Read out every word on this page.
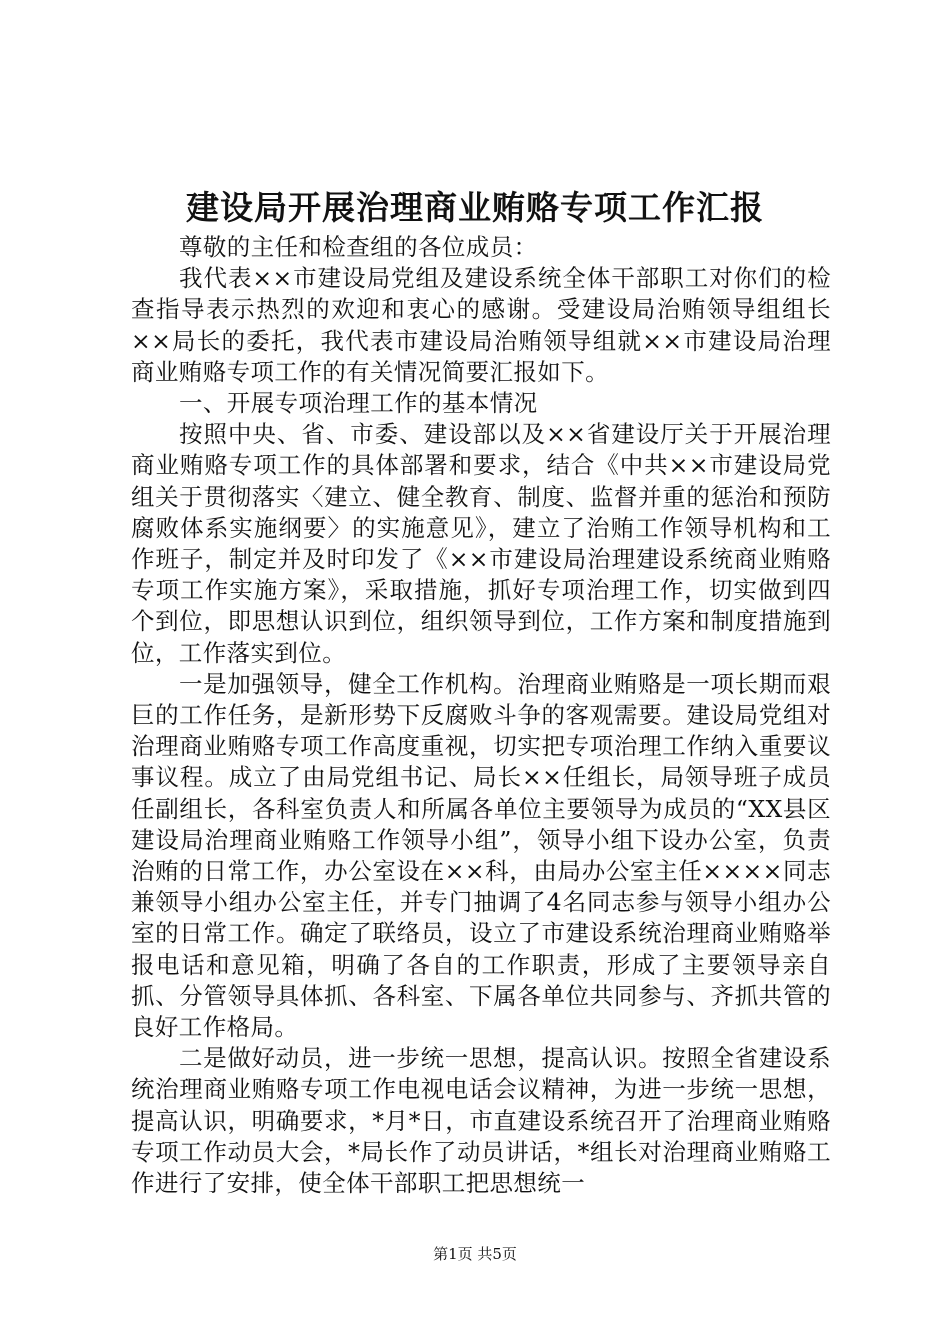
建设局开展治理商业贿赂专项工作汇报

尊敬的主任和检查组的各位成员：

我代表××市建设局党组及建设系统全体干部职工对你们的检查指导表示热烈的欢迎和衷心的感谢。受建设局治贿领导组组长××局长的委托，我代表市建设局治贿领导组就××市建设局治理商业贿赂专项工作的有关情况简要汇报如下。

一、开展专项治理工作的基本情况

按照中央、省、市委、建设部以及××省建设厅关于开展治理商业贿赂专项工作的具体部署和要求，结合《中共××市建设局党组关于贯彻落实〈建立、健全教育、制度、监督并重的惩治和预防腐败体系实施纲要〉的实施意见》，建立了治贿工作领导机构和工作班子，制定并及时印发了《××市建设局治理建设系统商业贿赂专项工作实施方案》，采取措施，抓好专项治理工作，切实做到四个到位，即思想认识到位，组织领导到位，工作方案和制度措施到位，工作落实到位。

一是加强领导，健全工作机构。治理商业贿赂是一项长期而艰巨的工作任务，是新形势下反腐败斗争的客观需要。建设局党组对治理商业贿赂专项工作高度重视，切实把专项治理工作纳入重要议事议程。成立了由局党组书记、局长××任组长，局领导班子成员任副组长，各科室负责人和所属各单位主要领导为成员的“XX县区建设局治理商业贿赂工作领导小组”，领导小组下设办公室，负责治贿的日常工作，办公室设在××科，由局办公室主任××××同志兼领导小组办公室主任，并专门抽调了4名同志参与领导小组办公室的日常工作。确定了联络员，设立了市建设系统治理商业贿赂举报电话和意见箱，明确了各自的工作职责，形成了主要领导亲自抓、分管领导具体抓、各科室、下属各单位共同参与、齐抓共管的良好工作格局。

二是做好动员，进一步统一思想，提高认识。按照全省建设系统治理商业贿赂专项工作电视电话会议精神，为进一步统一思想，提高认识，明确要求，*月*日，市直建设系统召开了治理商业贿赂专项工作动员大会，*局长作了动员讲话，*组长对治理商业贿赂工作进行了安排，使全体干部职工把思想统一

第1页 共5页
